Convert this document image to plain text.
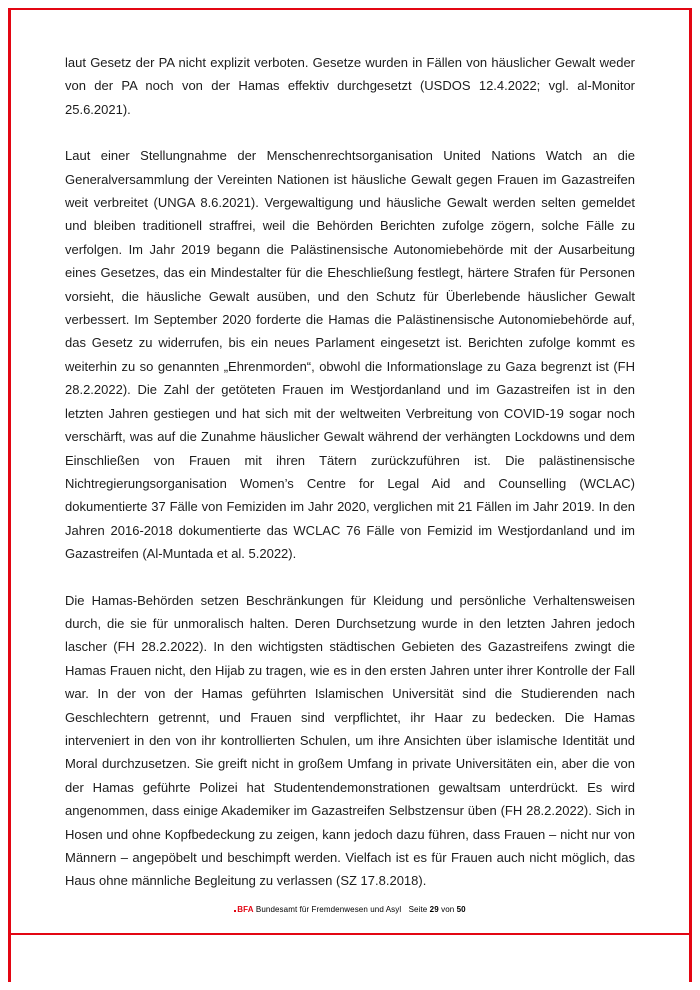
laut Gesetz der PA nicht explizit verboten. Gesetze wurden in Fällen von häuslicher Gewalt weder von der PA noch von der Hamas effektiv durchgesetzt (USDOS 12.4.2022; vgl. al-Monitor 25.6.2021).

Laut einer Stellungnahme der Menschenrechtsorganisation United Nations Watch an die Generalversammlung der Vereinten Nationen ist häusliche Gewalt gegen Frauen im Gazastreifen weit verbreitet (UNGA 8.6.2021). Vergewaltigung und häusliche Gewalt werden selten gemeldet und bleiben traditionell straffrei, weil die Behörden Berichten zufolge zögern, solche Fälle zu verfolgen. Im Jahr 2019 begann die Palästinensische Autonomiebehörde mit der Ausarbeitung eines Gesetzes, das ein Mindestalter für die Eheschließung festlegt, härtere Strafen für Personen vorsieht, die häusliche Gewalt ausüben, und den Schutz für Überlebende häuslicher Gewalt verbessert. Im September 2020 forderte die Hamas die Palästinensische Autonomiebehörde auf, das Gesetz zu widerrufen, bis ein neues Parlament eingesetzt ist. Berichten zufolge kommt es weiterhin zu so genannten „Ehrenmorden“, obwohl die Informationslage zu Gaza begrenzt ist (FH 28.2.2022). Die Zahl der getöteten Frauen im Westjordanland und im Gazastreifen ist in den letzten Jahren gestiegen und hat sich mit der weltweiten Verbreitung von COVID-19 sogar noch verschärft, was auf die Zunahme häuslicher Gewalt während der verhängten Lockdowns und dem Einschließen von Frauen mit ihren Tätern zurückzuführen ist. Die palästinensische Nichtregierungsorganisation Women’s Centre for Legal Aid and Counselling (WCLAC) dokumentierte 37 Fälle von Femiziden im Jahr 2020, verglichen mit 21 Fällen im Jahr 2019. In den Jahren 2016-2018 dokumentierte das WCLAC 76 Fälle von Femizid im Westjordanland und im Gazastreifen (Al-Muntada et al. 5.2022).

Die Hamas-Behörden setzen Beschränkungen für Kleidung und persönliche Verhaltensweisen durch, die sie für unmoralisch halten. Deren Durchsetzung wurde in den letzten Jahren jedoch lascher (FH 28.2.2022). In den wichtigsten städtischen Gebieten des Gazastreifens zwingt die Hamas Frauen nicht, den Hijab zu tragen, wie es in den ersten Jahren unter ihrer Kontrolle der Fall war. In der von der Hamas geführten Islamischen Universität sind die Studierenden nach Geschlechtern getrennt, und Frauen sind verpflichtet, ihr Haar zu bedecken. Die Hamas interveniert in den von ihr kontrollierten Schulen, um ihre Ansichten über islamische Identität und Moral durchzusetzen. Sie greift nicht in großem Umfang in private Universitäten ein, aber die von der Hamas geführte Polizei hat Studentendemonstrationen gewaltsam unterdrückt. Es wird angenommen, dass einige Akademiker im Gazastreifen Selbstzensur üben (FH 28.2.2022). Sich in Hosen und ohne Kopfbedeckung zu zeigen, kann jedoch dazu führen, dass Frauen – nicht nur von Männern – angepöbelt und beschimpft werden. Vielfach ist es für Frauen auch nicht möglich, das Haus ohne männliche Begleitung zu verlassen (SZ 17.8.2018).

BFA Bundesamt für Fremdenwesen und Asyl Seite 29 von 50
